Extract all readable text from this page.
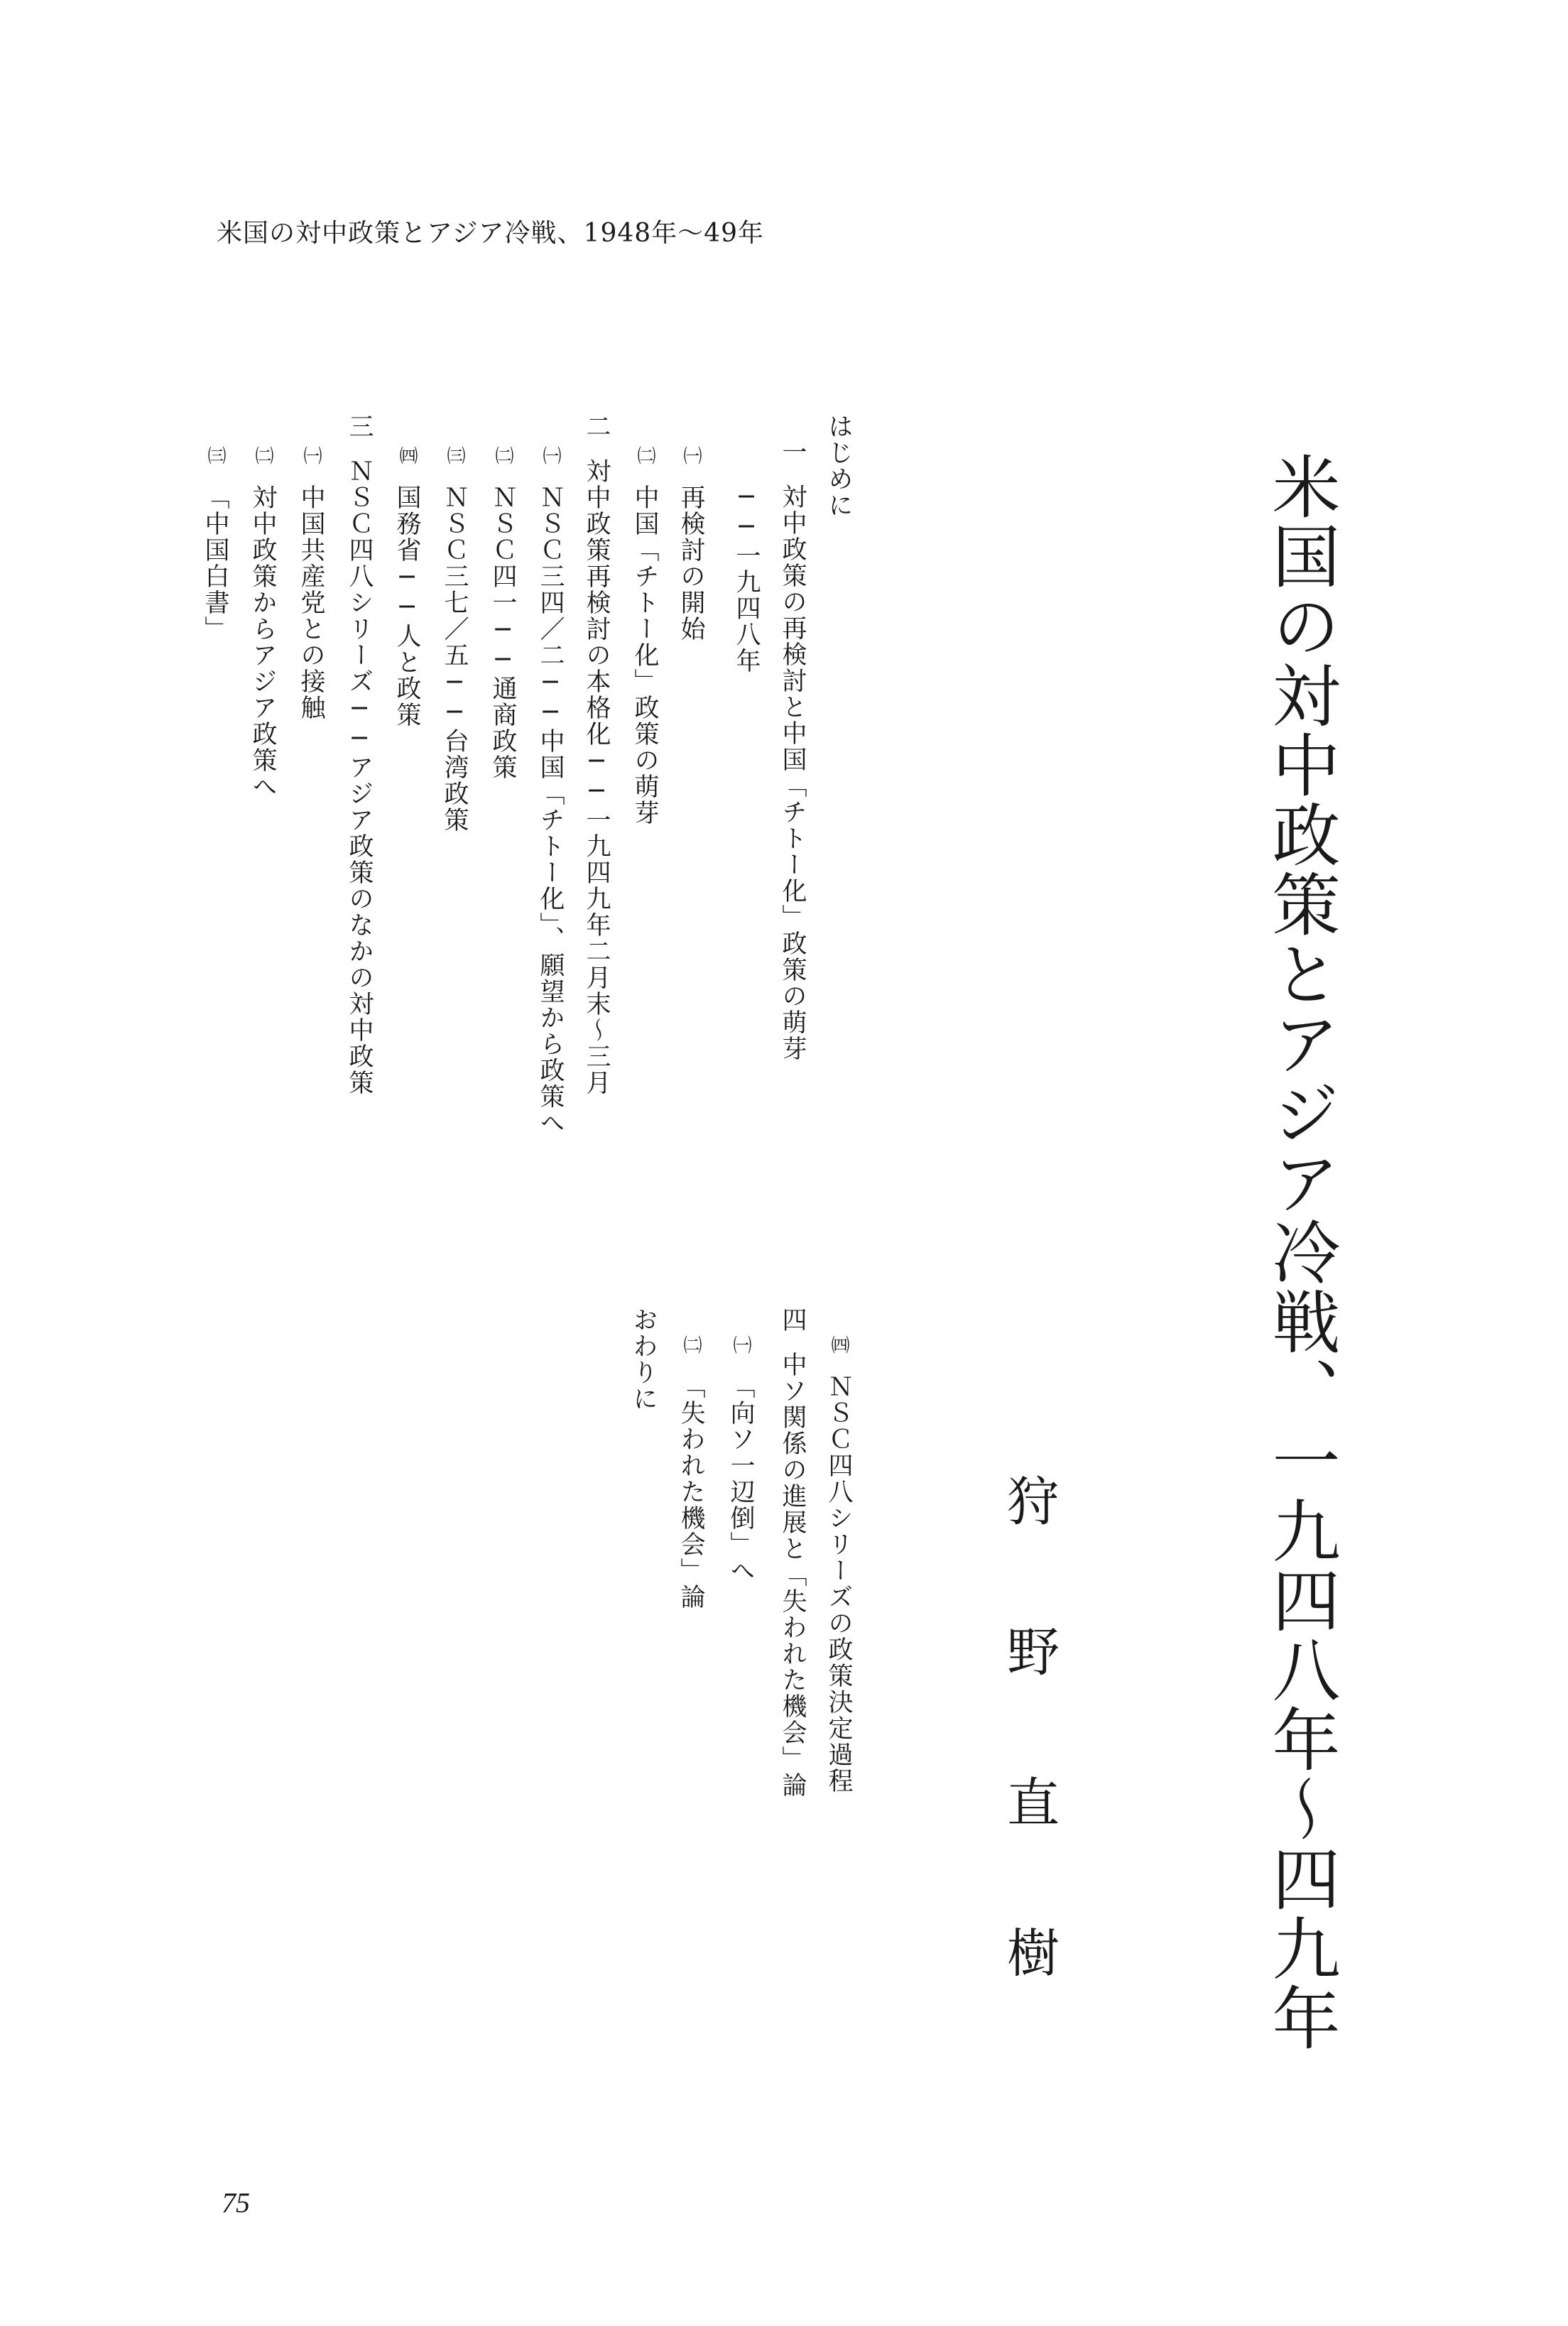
米国の対中政策とアジア冷戦、1948年〜49年
米国の対中政策とアジア冷戦、一九四八年〜四九年
狩野直樹
はじめに
一対中政策の再検討と中国「チトー化」政策の萌芽
──一九四八年
㈠再検討の開始
㈡中国「チトー化」政策の萌芽
二対中政策再検討の本格化──一九四九年二月末〜三月
㈠ＮＳＣ三四／二──中国「チトー化」、願望から政策へ
㈡ＮＳＣ四一──通商政策
㈢ＮＳＣ三七／五──台湾政策
㈣国務省──人と政策
三ＮＳＣ四八シリーズ──アジア政策のなかの対中政策
㈠中国共産党との接触
㈡対中政策からアジア政策へ
㈢「中国白書」
㈣ＮＳＣ四八シリーズの政策決定過程
四中ソ関係の進展と「失われた機会」論
㈠「向ソ一辺倒」へ
㈡「失われた機会」論
おわりに
75
